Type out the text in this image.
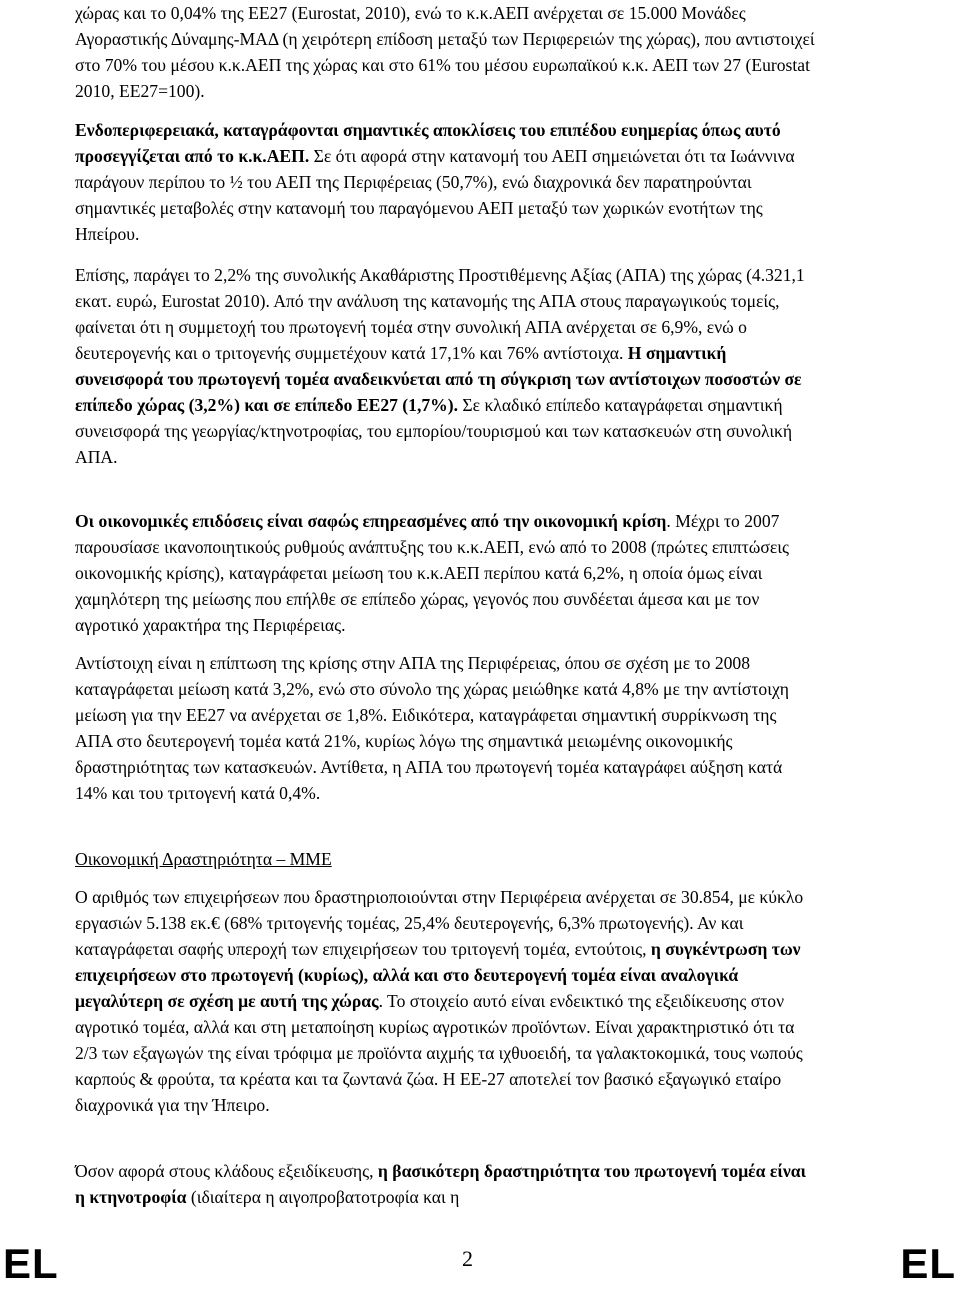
χώρας και το 0,04% της ΕΕ27 (Eurostat, 2010), ενώ το κ.κ.ΑΕΠ ανέρχεται σε 15.000 Μονάδες Αγοραστικής Δύναμης-ΜΑΔ (η χειρότερη επίδοση μεταξύ των Περιφερειών της χώρας), που αντιστοιχεί στο 70% του μέσου κ.κ.ΑΕΠ της χώρας και στο 61% του μέσου ευρωπαϊκού κ.κ. ΑΕΠ των 27 (Eurostat 2010, ΕΕ27=100).

Ενδοπεριφερειακά, καταγράφονται σημαντικές αποκλίσεις του επιπέδου ευημερίας όπως αυτό προσεγγίζεται από το κ.κ.ΑΕΠ. Σε ότι αφορά στην κατανομή του ΑΕΠ σημειώνεται ότι τα Ιωάννινα παράγουν περίπου το ½ του ΑΕΠ της Περιφέρειας (50,7%), ενώ διαχρονικά δεν παρατηρούνται σημαντικές μεταβολές στην κατανομή του παραγόμενου ΑΕΠ μεταξύ των χωρικών ενοτήτων της Ηπείρου.

Επίσης, παράγει το 2,2% της συνολικής Ακαθάριστης Προστιθέμενης Αξίας (ΑΠΑ) της χώρας (4.321,1 εκατ. ευρώ, Eurostat 2010). Από την ανάλυση της κατανομής της ΑΠΑ στους παραγωγικούς τομείς, φαίνεται ότι η συμμετοχή του πρωτογενή τομέα στην συνολική ΑΠΑ ανέρχεται σε 6,9%, ενώ ο δευτερογενής και ο τριτογενής συμμετέχουν κατά 17,1% και 76% αντίστοιχα. Η σημαντική συνεισφορά του πρωτογενή τομέα αναδεικνύεται από τη σύγκριση των αντίστοιχων ποσοστών σε επίπεδο χώρας (3,2%) και σε επίπεδο ΕΕ27 (1,7%). Σε κλαδικό επίπεδο καταγράφεται σημαντική συνεισφορά της γεωργίας/κτηνοτροφίας, του εμπορίου/τουρισμού και των κατασκευών στη συνολική ΑΠΑ.

Οι οικονομικές επιδόσεις είναι σαφώς επηρεασμένες από την οικονομική κρίση. Μέχρι το 2007 παρουσίασε ικανοποιητικούς ρυθμούς ανάπτυξης του κ.κ.ΑΕΠ, ενώ από το 2008 (πρώτες επιπτώσεις οικονομικής κρίσης), καταγράφεται μείωση του κ.κ.ΑΕΠ περίπου κατά 6,2%, η οποία όμως είναι χαμηλότερη της μείωσης που επήλθε σε επίπεδο χώρας, γεγονός που συνδέεται άμεσα και με τον αγροτικό χαρακτήρα της Περιφέρειας.

Αντίστοιχη είναι η επίπτωση της κρίσης στην ΑΠΑ της Περιφέρειας, όπου σε σχέση με το 2008 καταγράφεται μείωση κατά 3,2%, ενώ στο σύνολο της χώρας μειώθηκε κατά 4,8% με την αντίστοιχη μείωση για την ΕΕ27 να ανέρχεται σε 1,8%. Ειδικότερα, καταγράφεται σημαντική συρρίκνωση της ΑΠΑ στο δευτερογενή τομέα κατά 21%, κυρίως λόγω της σημαντικά μειωμένης οικονομικής δραστηριότητας των κατασκευών. Αντίθετα, η ΑΠΑ του πρωτογενή τομέα καταγράφει αύξηση κατά 14% και του τριτογενή κατά 0,4%.

Οικονομική Δραστηριότητα – ΜΜΕ

Ο αριθμός των επιχειρήσεων που δραστηριοποιούνται στην Περιφέρεια ανέρχεται σε 30.854, με κύκλο εργασιών 5.138 εκ.€ (68% τριτογενής τομέας, 25,4% δευτερογενής, 6,3% πρωτογενής). Αν και καταγράφεται σαφής υπεροχή των επιχειρήσεων του τριτογενή τομέα, εντούτοις, η συγκέντρωση των επιχειρήσεων στο πρωτογενή (κυρίως), αλλά και στο δευτερογενή τομέα είναι αναλογικά μεγαλύτερη σε σχέση με αυτή της χώρας. Το στοιχείο αυτό είναι ενδεικτικό της εξειδίκευσης στον αγροτικό τομέα, αλλά και στη μεταποίηση κυρίως αγροτικών προϊόντων. Είναι χαρακτηριστικό ότι τα 2/3 των εξαγωγών της είναι τρόφιμα με προϊόντα αιχμής τα ιχθυοειδή, τα γαλακτοκομικά, τους νωπούς καρπούς & φρούτα, τα κρέατα και τα ζωντανά ζώα. Η ΕΕ-27 αποτελεί τον βασικό εξαγωγικό εταίρο διαχρονικά για την Ήπειρο.

Όσον αφορά στους κλάδους εξειδίκευσης, η βασικότερη δραστηριότητα του πρωτογενή τομέα είναι η κτηνοτροφία (ιδιαίτερα η αιγοπροβατοτροφία και η

EL	2	EL
